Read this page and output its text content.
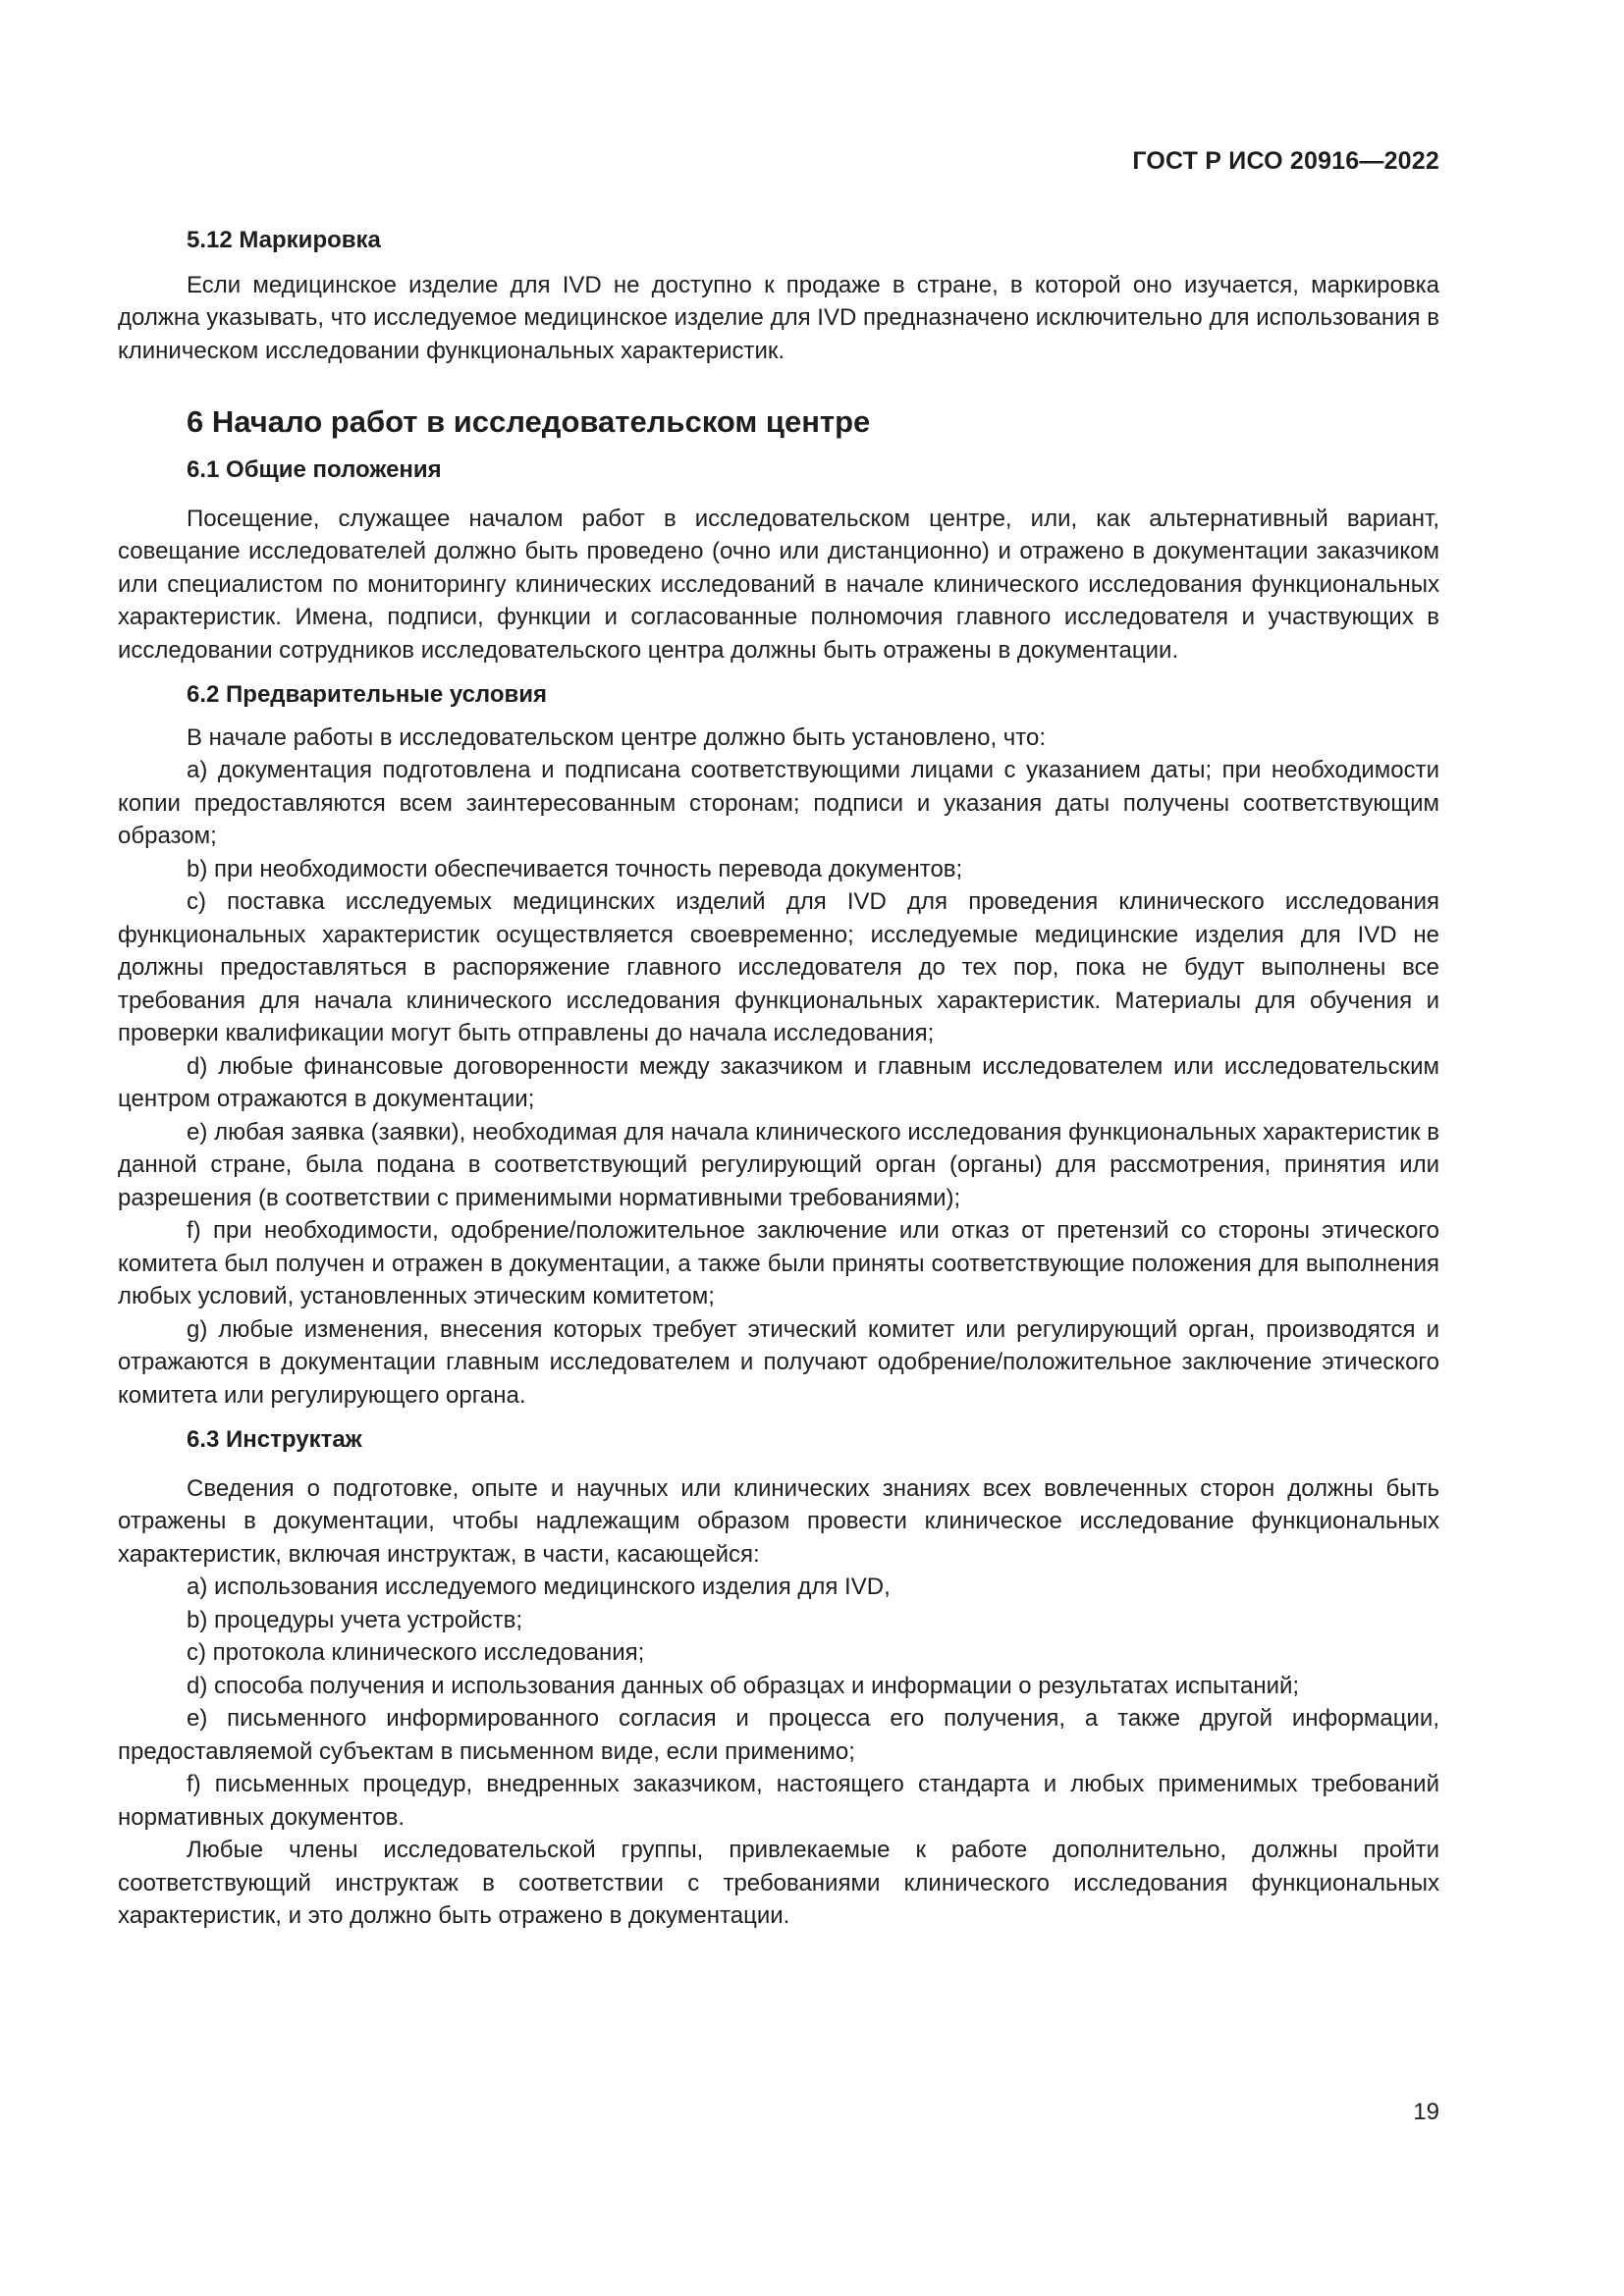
ГОСТ Р ИСО 20916—2022
5.12 Маркировка

Если медицинское изделие для IVD не доступно к продаже в стране, в которой оно изучается, маркировка должна указывать, что исследуемое медицинское изделие для IVD предназначено исключительно для использования в клиническом исследовании функциональных характеристик.

6 Начало работ в исследовательском центре
6.1 Общие положения

Посещение, служащее началом работ в исследовательском центре, или, как альтернативный вариант, совещание исследователей должно быть проведено (очно или дистанционно) и отражено в документации заказчиком или специалистом по мониторингу клинических исследований в начале клинического исследования функциональных характеристик. Имена, подписи, функции и согласованные полномочия главного исследователя и участвующих в исследовании сотрудников исследовательского центра должны быть отражены в документации.

6.2 Предварительные условия

В начале работы в исследовательском центре должно быть установлено, что:

a) документация подготовлена и подписана соответствующими лицами с указанием даты; при необходимости копии предоставляются всем заинтересованным сторонам; подписи и указания даты получены соответствующим образом;

b) при необходимости обеспечивается точность перевода документов;

c) поставка исследуемых медицинских изделий для IVD для проведения клинического исследования функциональных характеристик осуществляется своевременно; исследуемые медицинские изделия для IVD не должны предоставляться в распоряжение главного исследователя до тех пор, пока не будут выполнены все требования для начала клинического исследования функциональных характеристик. Материалы для обучения и проверки квалификации могут быть отправлены до начала исследования;

d) любые финансовые договоренности между заказчиком и главным исследователем или исследовательским центром отражаются в документации;

e) любая заявка (заявки), необходимая для начала клинического исследования функциональных характеристик в данной стране, была подана в соответствующий регулирующий орган (органы) для рассмотрения, принятия или разрешения (в соответствии с применимыми нормативными требованиями);

f) при необходимости, одобрение/положительное заключение или отказ от претензий со стороны этического комитета был получен и отражен в документации, а также были приняты соответствующие положения для выполнения любых условий, установленных этическим комитетом;

g) любые изменения, внесения которых требует этический комитет или регулирующий орган, производятся и отражаются в документации главным исследователем и получают одобрение/положительное заключение этического комитета или регулирующего органа.

6.3 Инструктаж

Сведения о подготовке, опыте и научных или клинических знаниях всех вовлеченных сторон должны быть отражены в документации, чтобы надлежащим образом провести клиническое исследование функциональных характеристик, включая инструктаж, в части, касающейся:

a) использования исследуемого медицинского изделия для IVD,

b) процедуры учета устройств;

c) протокола клинического исследования;

d) способа получения и использования данных об образцах и информации о результатах испытаний;

e) письменного информированного согласия и процесса его получения, а также другой информации, предоставляемой субъектам в письменном виде, если применимо;

f) письменных процедур, внедренных заказчиком, настоящего стандарта и любых применимых требований нормативных документов.

Любые члены исследовательской группы, привлекаемые к работе дополнительно, должны пройти соответствующий инструктаж в соответствии с требованиями клинического исследования функциональных характеристик, и это должно быть отражено в документации.

19
